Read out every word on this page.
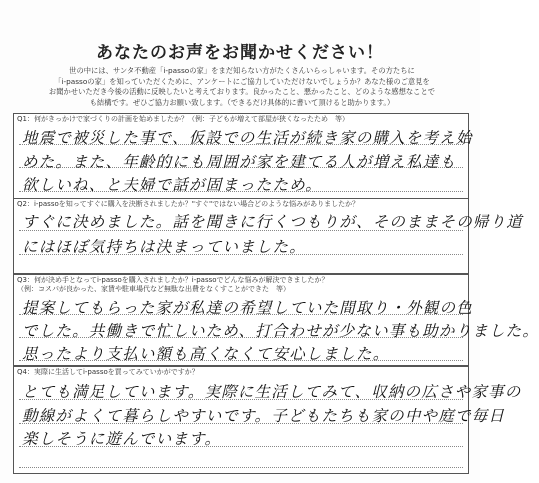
あなたのお声をお聞かせください！

世の中には、サンタ不動産「i-passoの家」をまだ知らない方がたくさんいらっしゃいます。その方たちに

「i-passoの家」を知っていただくために、アンケートにご協力していただけないでしょうか？あなた様のご意見を

お聞かせいただき今後の活動に反映したいと考えております。良かったこと、悪かったこと、どのような感想なことで

も結構です。ぜひご協力お願い致します。（できるだけ具体的に書いて頂けると助かります。）

Q1：何がきっかけで家づくりの計画を始めましたか？（例：子どもが増えて部屋が狭くなったため　等）
地震で被災した事で、仮設での生活が続き家の購入を考え始
めた。また、年齢的にも周囲が家を建てる人が増え私達も
欲しいね、と夫婦で話が固まったため。
Q2：i-passoを知ってすぐに購入を決断されましたか？"すぐ"ではない場合どのような悩みがありましたか？
すぐに決めました。話を聞きに行くつもりが、そのままその帰り道
にはほぼ気持ちは決まっていました。
Q3：何が決め手となってi-passoを購入されましたか？i-passoでどんな悩みが解決できましたか？
（例：コスパが良かった、家賃や駐車場代など無駄な出費をなくすことができた　等）
提案してもらった家が私達の希望していた間取り・外観の色
でした。共働きで忙しいため、打合わせが少ない事も助かりました。
思ったより支払い額も高くなくて安心しました。
Q4：実際に生活してi-passoを買ってみていかがですか？
とても満足しています。実際に生活してみて、収納の広さや家事の
動線がよくて暮らしやすいです。子どもたちも家の中や庭で毎日
楽しそうに遊んでいます。
